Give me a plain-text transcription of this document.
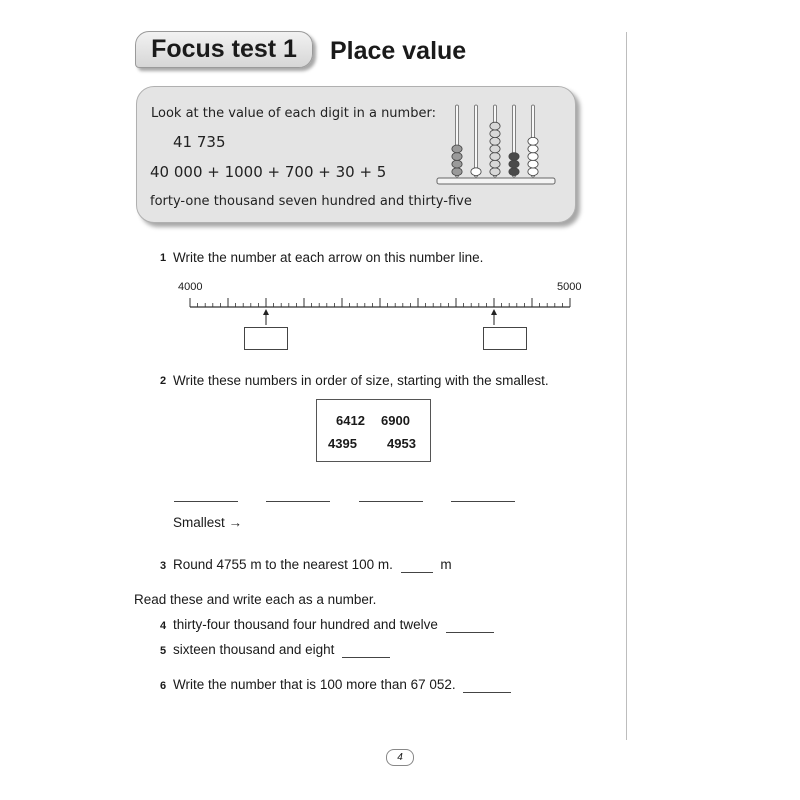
Focus test 1	Place value
Look at the value of each digit in a number:
41 735
40 000 + 1000 + 700 + 30 + 5
forty-one thousand seven hundred and thirty-five
1 Write the number at each arrow on this number line.
4000	5000
2 Write these numbers in order of size, starting with the smallest.
6412 6900
4395 4953
Smallest →
3 Round 4755 m to the nearest 100 m.	m
Read these and write each as a number.
4 thirty-four thousand four hundred and twelve
5 sixteen thousand and eight
6 Write the number that is 100 more than 67 052.
4
